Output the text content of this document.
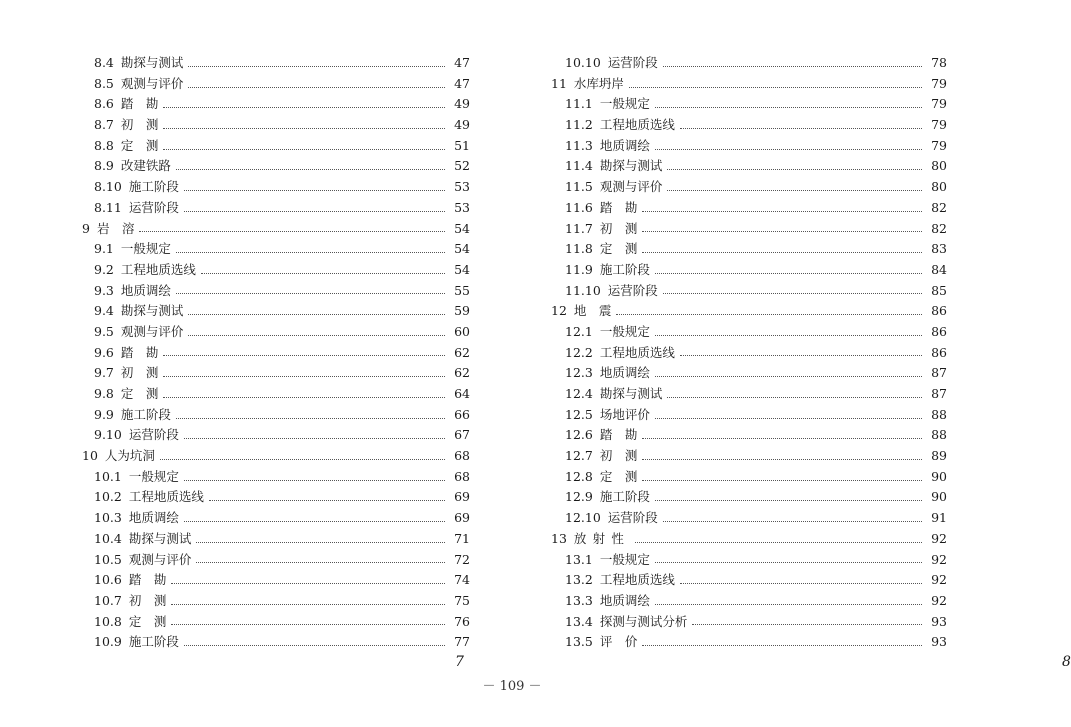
8.4 勘探与测试	47
8.5 观测与评价	47
8.6 踏　勘	49
8.7 初　测	49
8.8 定　测	51
8.9 改建铁路	52
8.10 施工阶段	53
8.11 运营阶段	53
9 岩　溶	54
9.1 一般规定	54
9.2 工程地质选线	54
9.3 地质调绘	55
9.4 勘探与测试	59
9.5 观测与评价	60
9.6 踏　勘	62
9.7 初　测	62
9.8 定　测	64
9.9 施工阶段	66
9.10 运营阶段	67
10 人为坑洞	68
10.1 一般规定	68
10.2 工程地质选线	69
10.3 地质调绘	69
10.4 勘探与测试	71
10.5 观测与评价	72
10.6 踏　勘	74
10.7 初　测	75
10.8 定　测	76
10.9 施工阶段	77
7
10.10 运营阶段	78
11 水库坍岸	79
11.1 一般规定	79
11.2 工程地质选线	79
11.3 地质调绘	79
11.4 勘探与测试	80
11.5 观测与评价	80
11.6 踏　勘	82
11.7 初　测	82
11.8 定　测	83
11.9 施工阶段	84
11.10 运营阶段	85
12 地　震	86
12.1 一般规定	86
12.2 工程地质选线	86
12.3 地质调绘	87
12.4 勘探与测试	87
12.5 场地评价	88
12.6 踏　勘	88
12.7 初　测	89
12.8 定　测	90
12.9 施工阶段	90
12.10 运营阶段	91
13 放射性	92
13.1 一般规定	92
13.2 工程地质选线	92
13.3 地质调绘	92
13.4 探测与测试分析	93
13.5 评　价	93
8
－ 109 －
